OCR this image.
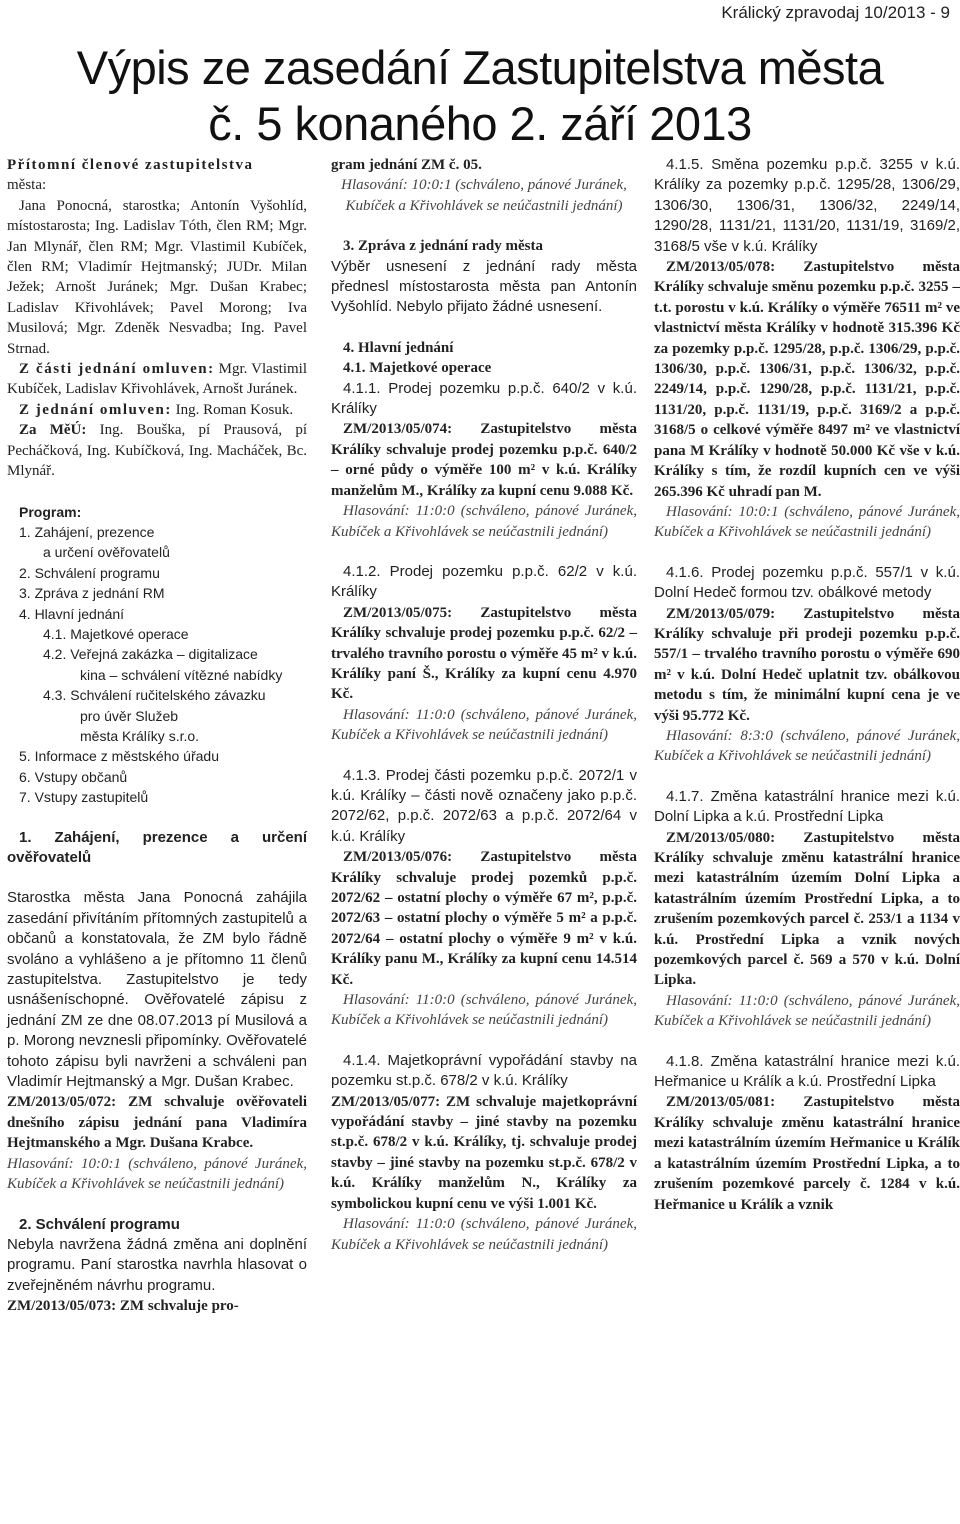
Králický zpravodaj 10/2013 - 9
Výpis ze zasedání Zastupitelstva města
č. 5 konaného 2. září 2013

Přítomní členové zastupitelstva

města:

Jana Ponocná, starostka; Antonín Vyšohlíd, místostarosta; Ing. Ladislav Tóth, člen RM; Mgr. Jan Mlynář, člen RM; Mgr. Vlastimil Kubíček, člen RM; Vladimír Hejtmanský; JUDr. Milan Ježek; Arnošt Juránek; Mgr. Dušan Krabec; Ladislav Křivohlávek; Pavel Morong; Iva Musilová; Mgr. Zdeněk Nesvadba; Ing. Pavel Strnad.

Z části jednání omluven: Mgr. Vlastimil Kubíček, Ladislav Křivohlávek, Arnošt Juránek.

Z jednání omluven: Ing. Roman Kosuk.

Za MěÚ: Ing. Bouška, pí Prausová, pí Pecháčková, Ing. Kubíčková, Ing. Macháček, Bc. Mlynář.

Program:
1. Zahájení, prezence
a určení ověřovatelů
2. Schválení programu
3. Zpráva z jednání RM
4. Hlavní jednání
4.1. Majetkové operace
4.2. Veřejná zakázka – digitalizace
kina – schválení vítězné nabídky
4.3. Schválení ručitelského závazku
pro úvěr Služeb
města Králíky s.r.o.
5. Informace z městského úřadu
6. Vstupy občanů
7. Vstupy zastupitelů

1. Zahájení, prezence a určení ověřovatelů

Starostka města Jana Ponocná zahájila zasedání přivítáním přítomných zastupitelů a občanů a konstatovala, že ZM bylo řádně svoláno a vyhlášeno a je přítomno 11 členů zastupitelstva. Zastupitelstvo je tedy usnášeníschopné. Ověřovatelé zápisu z jednání ZM ze dne 08.07.2013 pí Musilová a p. Morong nevznesli připomínky. Ověřovatelé tohoto zápisu byli navrženi a schváleni pan Vladimír Hejtmanský a Mgr. Dušan Krabec.

ZM/2013/05/072: ZM schvaluje ověřovateli dnešního zápisu jednání pana Vladimíra Hejtmanského a Mgr. Dušana Krabce.

Hlasování: 10:0:1 (schváleno, pánové Juránek, Kubíček a Křivohlávek se neúčastnili jednání)

2. Schválení programu

Nebyla navržena žádná změna ani doplnění programu. Paní starostka navrhla hlasovat o zveřejněném návrhu programu.

ZM/2013/05/073: ZM schvaluje pro-

gram jednání ZM č. 05.

Hlasování: 10:0:1 (schváleno, pánové Juránek, Kubíček a Křivohlávek se neúčastnili jednání)

3. Zpráva z jednání rady města

Výběr usnesení z jednání rady města přednesl místostarosta města pan Antonín Vyšohlíd. Nebylo přijato žádné usnesení.

4. Hlavní jednání

4.1. Majetkové operace

4.1.1. Prodej pozemku p.p.č. 640/2 v k.ú. Králíky

ZM/2013/05/074: Zastupitelstvo města Králíky schvaluje prodej pozemku p.p.č. 640/2 – orné půdy o výměře 100 m² v k.ú. Králíky manželům M., Králíky za kupní cenu 9.088 Kč.

Hlasování: 11:0:0 (schváleno, pánové Juránek, Kubíček a Křivohlávek se neúčastnili jednání)

4.1.2. Prodej pozemku p.p.č. 62/2 v k.ú. Králíky

ZM/2013/05/075: Zastupitelstvo města Králíky schvaluje prodej pozemku p.p.č. 62/2 – trvalého travního porostu o výměře 45 m² v k.ú. Králíky paní Š., Králíky za kupní cenu 4.970 Kč.

Hlasování: 11:0:0 (schváleno, pánové Juránek, Kubíček a Křivohlávek se neúčastnili jednání)

4.1.3. Prodej části pozemku p.p.č. 2072/1 v k.ú. Králíky – části nově označeny jako p.p.č. 2072/62, p.p.č. 2072/63 a p.p.č. 2072/64 v k.ú. Králíky

ZM/2013/05/076: Zastupitelstvo města Králíky schvaluje prodej pozemků p.p.č. 2072/62 – ostatní plochy o výměře 67 m², p.p.č. 2072/63 – ostatní plochy o výměře 5 m² a p.p.č. 2072/64 – ostatní plochy o výměře 9 m² v k.ú. Králíky panu M., Králíky za kupní cenu 14.514 Kč.

Hlasování: 11:0:0 (schváleno, pánové Juránek, Kubíček a Křivohlávek se neúčastnili jednání)

4.1.4. Majetkoprávní vypořádání stavby na pozemku st.p.č. 678/2 v k.ú. Králíky

ZM/2013/05/077: ZM schvaluje majetkoprávní vypořádání stavby – jiné stavby na pozemku st.p.č. 678/2 v k.ú. Králíky, tj. schvaluje prodej stavby – jiné stavby na pozemku st.p.č. 678/2 v k.ú. Králíky manželům N., Králíky za symbolickou kupní cenu ve výši 1.001 Kč.

Hlasování: 11:0:0 (schváleno, pánové Juránek, Kubíček a Křivohlávek se neúčastnili jednání)

4.1.5. Směna pozemku p.p.č. 3255 v k.ú. Králíky za pozemky p.p.č. 1295/28, 1306/29, 1306/30, 1306/31, 1306/32, 2249/14, 1290/28, 1131/21, 1131/20, 1131/19, 3169/2, 3168/5 vše v k.ú. Králíky

ZM/2013/05/078: Zastupitelstvo města Králíky schvaluje směnu pozemku p.p.č. 3255 – t.t. porostu v k.ú. Králíky o výměře 76511 m² ve vlastnictví města Králíky v hodnotě 315.396 Kč za pozemky p.p.č. 1295/28, p.p.č. 1306/29, p.p.č. 1306/30, p.p.č. 1306/31, p.p.č. 1306/32, p.p.č. 2249/14, p.p.č. 1290/28, p.p.č. 1131/21, p.p.č. 1131/20, p.p.č. 1131/19, p.p.č. 3169/2 a p.p.č. 3168/5 o celkové výměře 8497 m² ve vlastnictví pana M Králíky v hodnotě 50.000 Kč vše v k.ú. Králíky s tím, že rozdíl kupních cen ve výši 265.396 Kč uhradí pan M.

Hlasování: 10:0:1 (schváleno, pánové Juránek, Kubíček a Křivohlávek se neúčastnili jednání)

4.1.6. Prodej pozemku p.p.č. 557/1 v k.ú. Dolní Hedeč formou tzv. obálkové metody

ZM/2013/05/079: Zastupitelstvo města Králíky schvaluje při prodeji pozemku p.p.č. 557/1 – trvalého travního porostu o výměře 690 m² v k.ú. Dolní Hedeč uplatnit tzv. obálkovou metodu s tím, že minimální kupní cena je ve výši 95.772 Kč.

Hlasování: 8:3:0 (schváleno, pánové Juránek, Kubíček a Křivohlávek se neúčastnili jednání)

4.1.7. Změna katastrální hranice mezi k.ú. Dolní Lipka a k.ú. Prostřední Lipka

ZM/2013/05/080: Zastupitelstvo města Králíky schvaluje změnu katastrální hranice mezi katastrálním územím Dolní Lipka a katastrálním územím Prostřední Lipka, a to zrušením pozemkových parcel č. 253/1 a 1134 v k.ú. Prostřední Lipka a vznik nových pozemkových parcel č. 569 a 570 v k.ú. Dolní Lipka.

Hlasování: 11:0:0 (schváleno, pánové Juránek, Kubíček a Křivohlávek se neúčastnili jednání)

4.1.8. Změna katastrální hranice mezi k.ú. Heřmanice u Králík a k.ú. Prostřední Lipka

ZM/2013/05/081: Zastupitelstvo města Králíky schvaluje změnu katastrální hranice mezi katastrálním územím Heřmanice u Králík a katastrálním územím Prostřední Lipka, a to zrušením pozemkové parcely č. 1284 v k.ú. Heřmanice u Králík a vznik
